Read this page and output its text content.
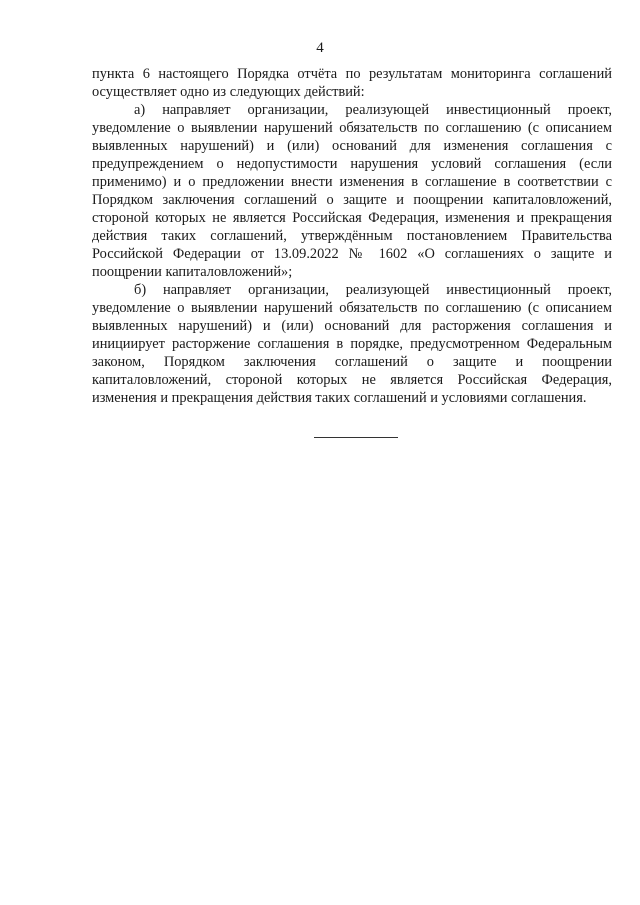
4

пункта 6 настоящего Порядка отчёта по результатам мониторинга соглашений осуществляет одно из следующих действий:

а) направляет организации, реализующей инвестиционный проект, уведомление о выявлении нарушений обязательств по соглашению (с описанием выявленных нарушений) и (или) оснований для изменения соглашения с предупреждением о недопустимости нарушения условий соглашения (если применимо) и о предложении внести изменения в соглашение в соответствии с Порядком заключения соглашений о защите и поощрении капиталовложений, стороной которых не является Российская Федерация, изменения и прекращения действия таких соглашений, утверждённым постановлением Правительства Российской Федерации от 13.09.2022 № 1602 «О соглашениях о защите и поощрении капиталовложений»;

б) направляет организации, реализующей инвестиционный проект, уведомление о выявлении нарушений обязательств по соглашению (с описанием выявленных нарушений) и (или) оснований для расторжения соглашения и инициирует расторжение соглашения в порядке, предусмотренном Федеральным законом, Порядком заключения соглашений о защите и поощрении капиталовложений, стороной которых не является Российская Федерация, изменения и прекращения действия таких соглашений и условиями соглашения.
